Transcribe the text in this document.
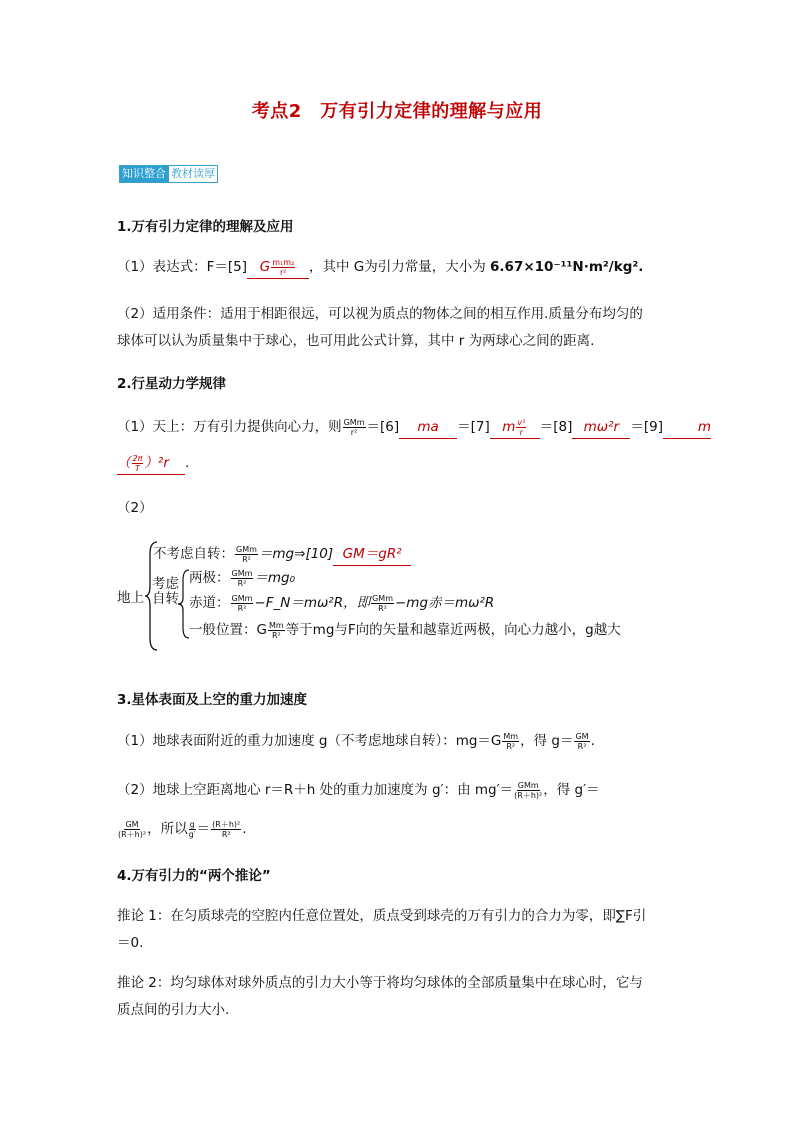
考点2　万有引力定律的理解与应用
知识整合 教材读厚
1.万有引力定律的理解及应用
（1）表达式：F＝[5] G $\frac{\text{m₁m₂}}{\text{r²}}$ ，其中 G为引力常量，大小为 6.67×10⁻¹¹N·m²/kg².
（2）适用条件：适用于相距很远，可以视为质点的物体之间的相互作用.质量分布均匀的
球体可以认为质量集中于球心，也可用此公式计算，其中 r 为两球心之间的距离.
2.行星动力学规律
（1）天上：万有引力提供向心力，则 $\frac{\text{GMm}}{\text{r²}} =[6]$ ma ＝[7] m $\frac{\text{v²}}{r} =[8]$ mω²r ＝[9]	m
（ $\frac{2\pi}{T} )^2r$ .
（2）
地上
不考虑自转： $\frac{\text{GMm}}{\text{R²}}$ ＝mg⇒[10] GM＝gR²
考虑
自转
两极： $\frac{\text{GMm}}{\text{R²}} =mg_0$
赤道： $\frac{\text{GMm}}{\text{R²}}$ −F_N＝mω²R，即 $\frac{\text{GMm}}{\text{R²}} -mg$赤＝mω²R
一般位置：G $\frac{Mm}{\text{R²}}$ 等于mg与F向的矢量和越靠近两极，向心力越小，g越大
3.星体表面及上空的重力加速度
（1）地球表面附近的重力加速度 g（不考虑地球自转）：$mg=G \frac{Mm}{\text{R²}}$ ，得 $g= \frac{GM}{\text{R²}}$ .
（2）地球上空距离地心 r＝R＋h 处的重力加速度为 g′：由 $mg'= \frac{\text{GMm}}{\text{(R＋h)²}}$ ，得 g′＝
$\frac{GM}{\text{(R＋h)²}}$ ，所以 $\frac{g}{g'} = \frac{\text{(R＋h)²}}{\text{R²}}$ .
4.万有引力的“两个推论”
推论 1：在匀质球壳的空腔内任意位置处，质点受到球壳的万有引力的合力为零，即∑F引
＝0.
推论 2：均匀球体对球外质点的引力大小等于将均匀球体的全部质量集中在球心时，它与
质点间的引力大小.
